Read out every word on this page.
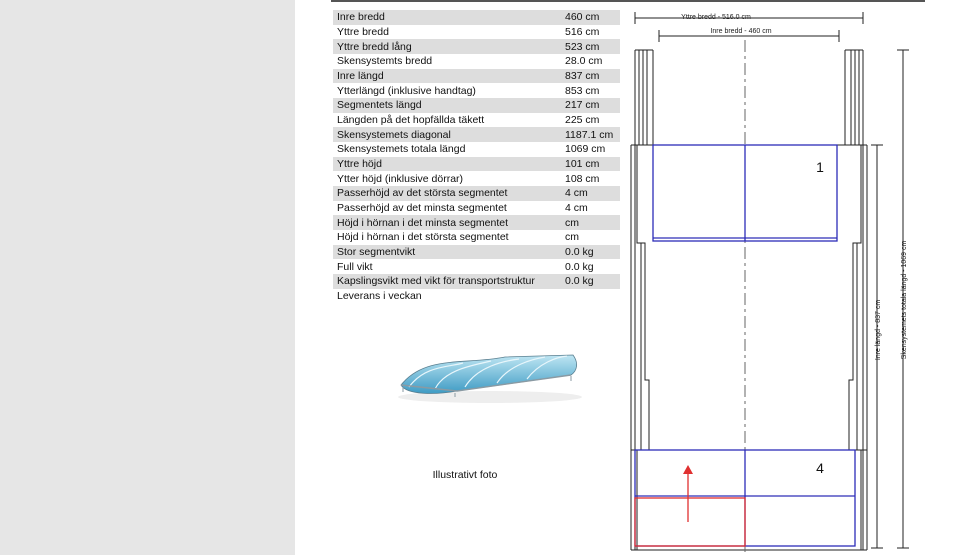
Inre bredd	460 cm
Yttre bredd	516 cm
Yttre bredd lång	523 cm
Skensystemts bredd	28.0 cm
Inre längd	837 cm
Ytterlängd (inklusive handtag)	853 cm
Segmentets längd	217 cm
Längden på det hopfällda täkett	225 cm
Skensystemets diagonal	1187.1 cm
Skensystemets totala längd	1069 cm
Yttre höjd	101 cm
Ytter höjd (inklusive dörrar)	108 cm
Passerhöjd av det största segmentet	4 cm
Passerhöjd av det minsta segmentet	4 cm
Höjd i hörnan i det minsta segmentet	cm
Höjd i hörnan i det största segmentet	cm
Stor segmentvikt	0.0 kg
Full vikt	0.0 kg
Kapslingsvikt med vikt för transportstruktur	0.0 kg
Leverans i veckan	
Illustrativt foto
Yttre bredd - 516.0 cm
Inre bredd - 460 cm
1
4
Inre längd - 837 cm	Skensystemets totala längd - 1069 cm
